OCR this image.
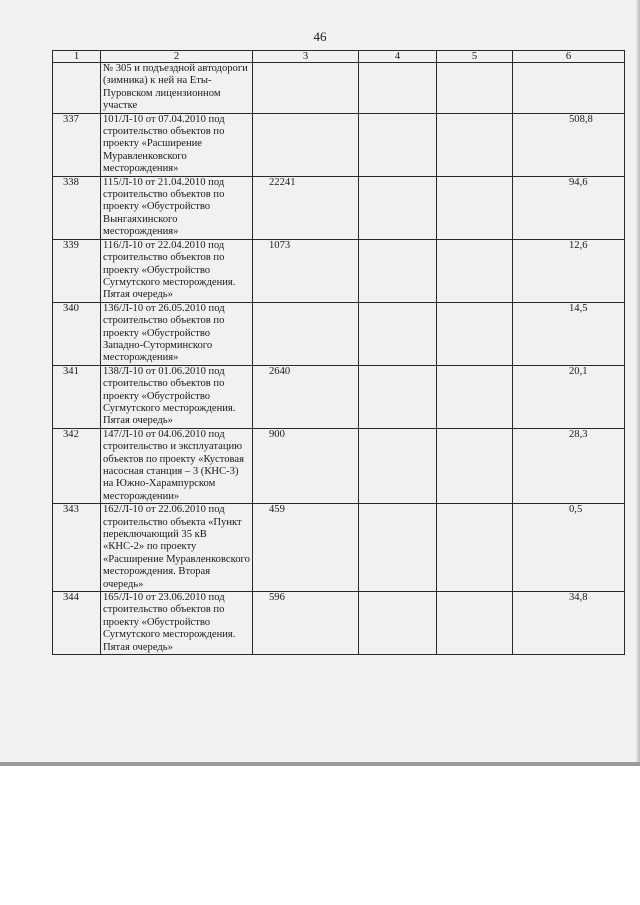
46
1	2	3	4	5	6
	№ 305 и подъездной автодороги (зимника) к ней на Еты-Пуровском лицензионном участке				
337	101/Л-10 от 07.04.2010 под строительство объектов по проекту «Расширение Муравленковского месторождения»				508,8
338	115/Л-10 от 21.04.2010 под строительство объектов по проекту «Обустройство Вынгаяхинского месторождения»	22241			94,6
339	116/Л-10 от 22.04.2010 под строительство объектов по проекту «Обустройство Сугмутского месторождения. Пятая очередь»	1073			12,6
340	136/Л-10 от 26.05.2010 под строительство объектов по проекту «Обустройство Западно-Суторминского месторождения»				14,5
341	138/Л-10 от 01.06.2010 под строительство объектов по проекту «Обустройство Сугмутского месторождения. Пятая очередь»	2640			20,1
342	147/Л-10 от 04.06.2010 под строительство и эксплуатацию объектов по проекту «Кустовая насосная станция – 3 (КНС-3) на Южно-Харампурском месторождении»	900			28,3
343	162/Л-10 от 22.06.2010 под строительство объекта «Пункт переключающий 35 кВ «КНС-2» по проекту «Расширение Муравленковского месторождения. Вторая очередь»	459			0,5
344	165/Л-10 от 23.06.2010 под строительство объектов по проекту «Обустройство Сугмутского месторождения. Пятая очередь»	596			34,8
